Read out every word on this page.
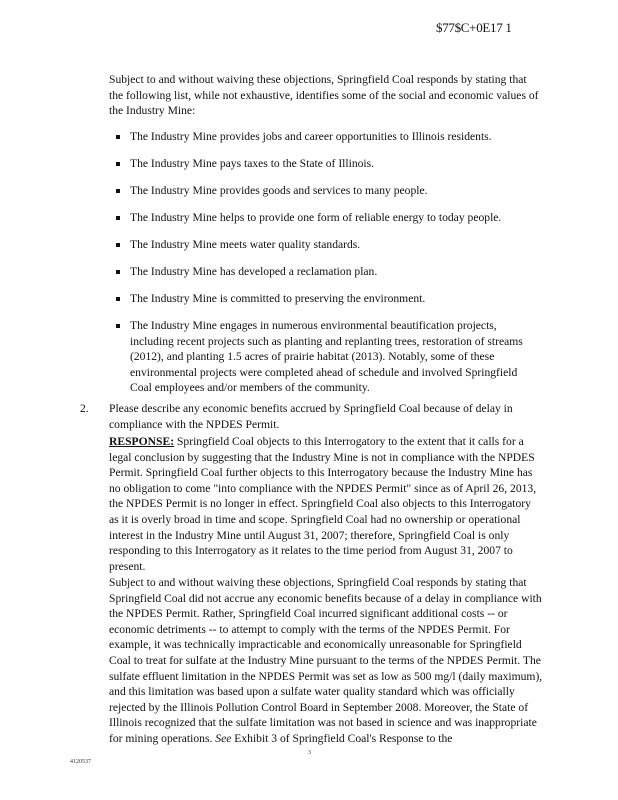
$77$C+0E17 1

Subject to and without waiving these objections, Springfield Coal responds by stating that the following list, while not exhaustive, identifies some of the social and economic values of the Industry Mine:

The Industry Mine provides jobs and career opportunities to Illinois residents.
The Industry Mine pays taxes to the State of Illinois.
The Industry Mine provides goods and services to many people.
The Industry Mine helps to provide one form of reliable energy to today people.
The Industry Mine meets water quality standards.
The Industry Mine has developed a reclamation plan.
The Industry Mine is committed to preserving the environment.
The Industry Mine engages in numerous environmental beautification projects, including recent projects such as planting and replanting trees, restoration of streams (2012), and planting 1.5 acres of prairie habitat (2013). Notably, some of these environmental projects were completed ahead of schedule and involved Springfield Coal employees and/or members of the community.
2. Please describe any economic benefits accrued by Springfield Coal because of delay in compliance with the NPDES Permit.

RESPONSE: Springfield Coal objects to this Interrogatory to the extent that it calls for a legal conclusion by suggesting that the Industry Mine is not in compliance with the NPDES Permit. Springfield Coal further objects to this Interrogatory because the Industry Mine has no obligation to come "into compliance with the NPDES Permit" since as of April 26, 2013, the NPDES Permit is no longer in effect. Springfield Coal also objects to this Interrogatory as it is overly broad in time and scope. Springfield Coal had no ownership or operational interest in the Industry Mine until August 31, 2007; therefore, Springfield Coal is only responding to this Interrogatory as it relates to the time period from August 31, 2007 to present.

Subject to and without waiving these objections, Springfield Coal responds by stating that Springfield Coal did not accrue any economic benefits because of a delay in compliance with the NPDES Permit. Rather, Springfield Coal incurred significant additional costs -- or economic detriments -- to attempt to comply with the terms of the NPDES Permit. For example, it was technically impracticable and economically unreasonable for Springfield Coal to treat for sulfate at the Industry Mine pursuant to the terms of the NPDES Permit. The sulfate effluent limitation in the NPDES Permit was set as low as 500 mg/l (daily maximum), and this limitation was based upon a sulfate water quality standard which was officially rejected by the Illinois Pollution Control Board in September 2008. Moreover, the State of Illinois recognized that the sulfate limitation was not based in science and was inappropriate for mining operations. See Exhibit 3 of Springfield Coal's Response to the

3
4120537
